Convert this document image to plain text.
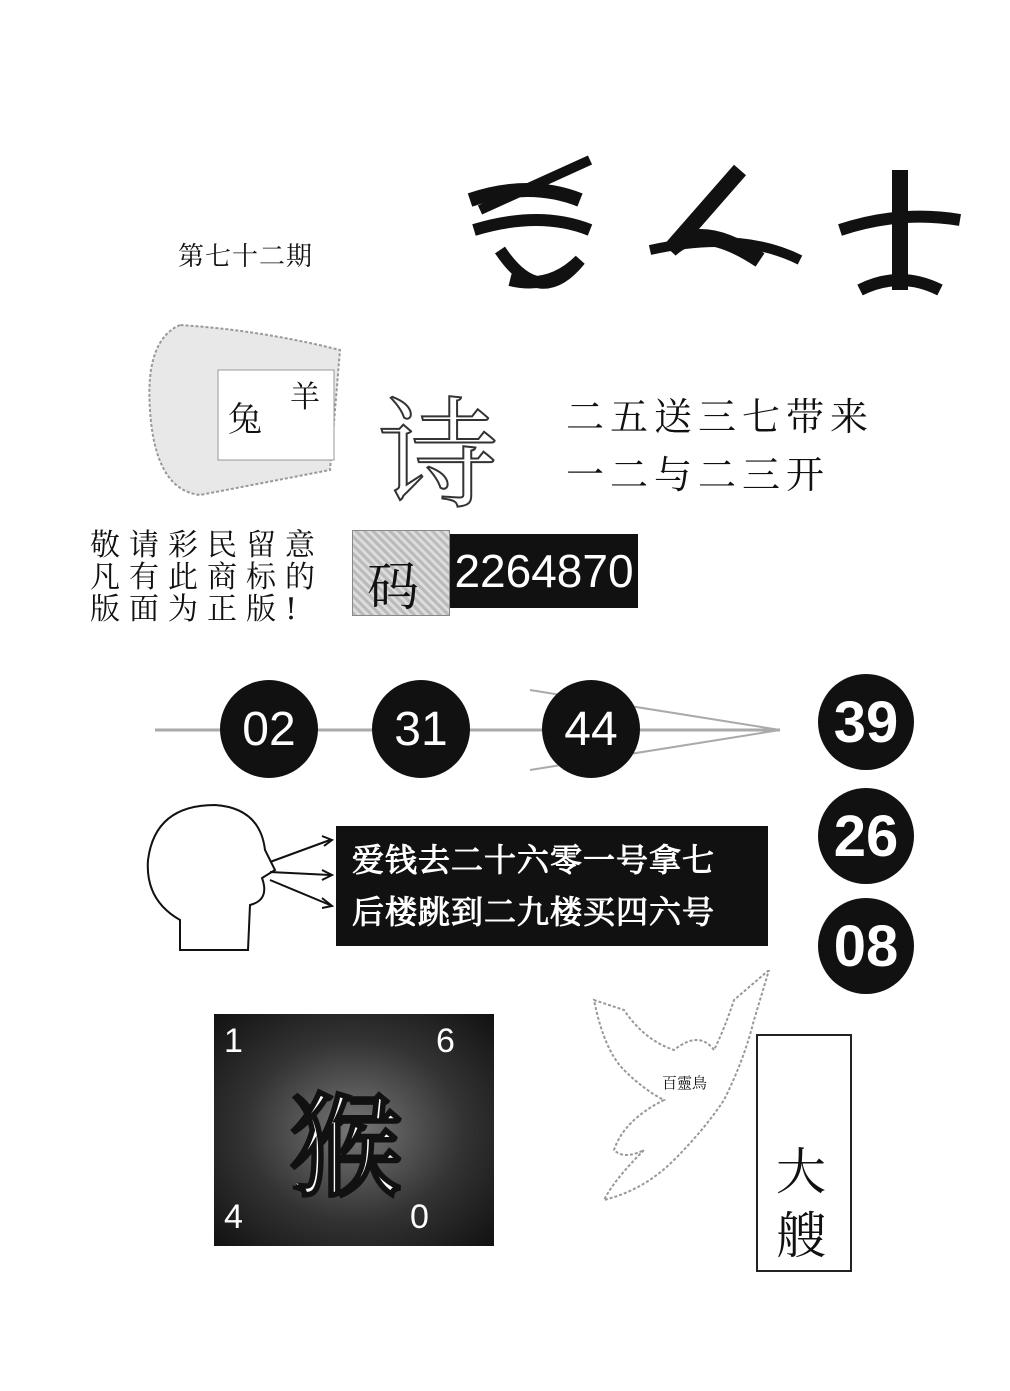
第七十二期
兔
羊 诗 二五送三七带来
一二与二三开
敬请彩民留意
凡有此商标的
版面为正版!	码 2264870
02	31	44	39
26
08
爱钱去二十六零一号拿七
后楼跳到二九楼买四六号
1	6
4	0
猴	百靈鳥
大
艘
